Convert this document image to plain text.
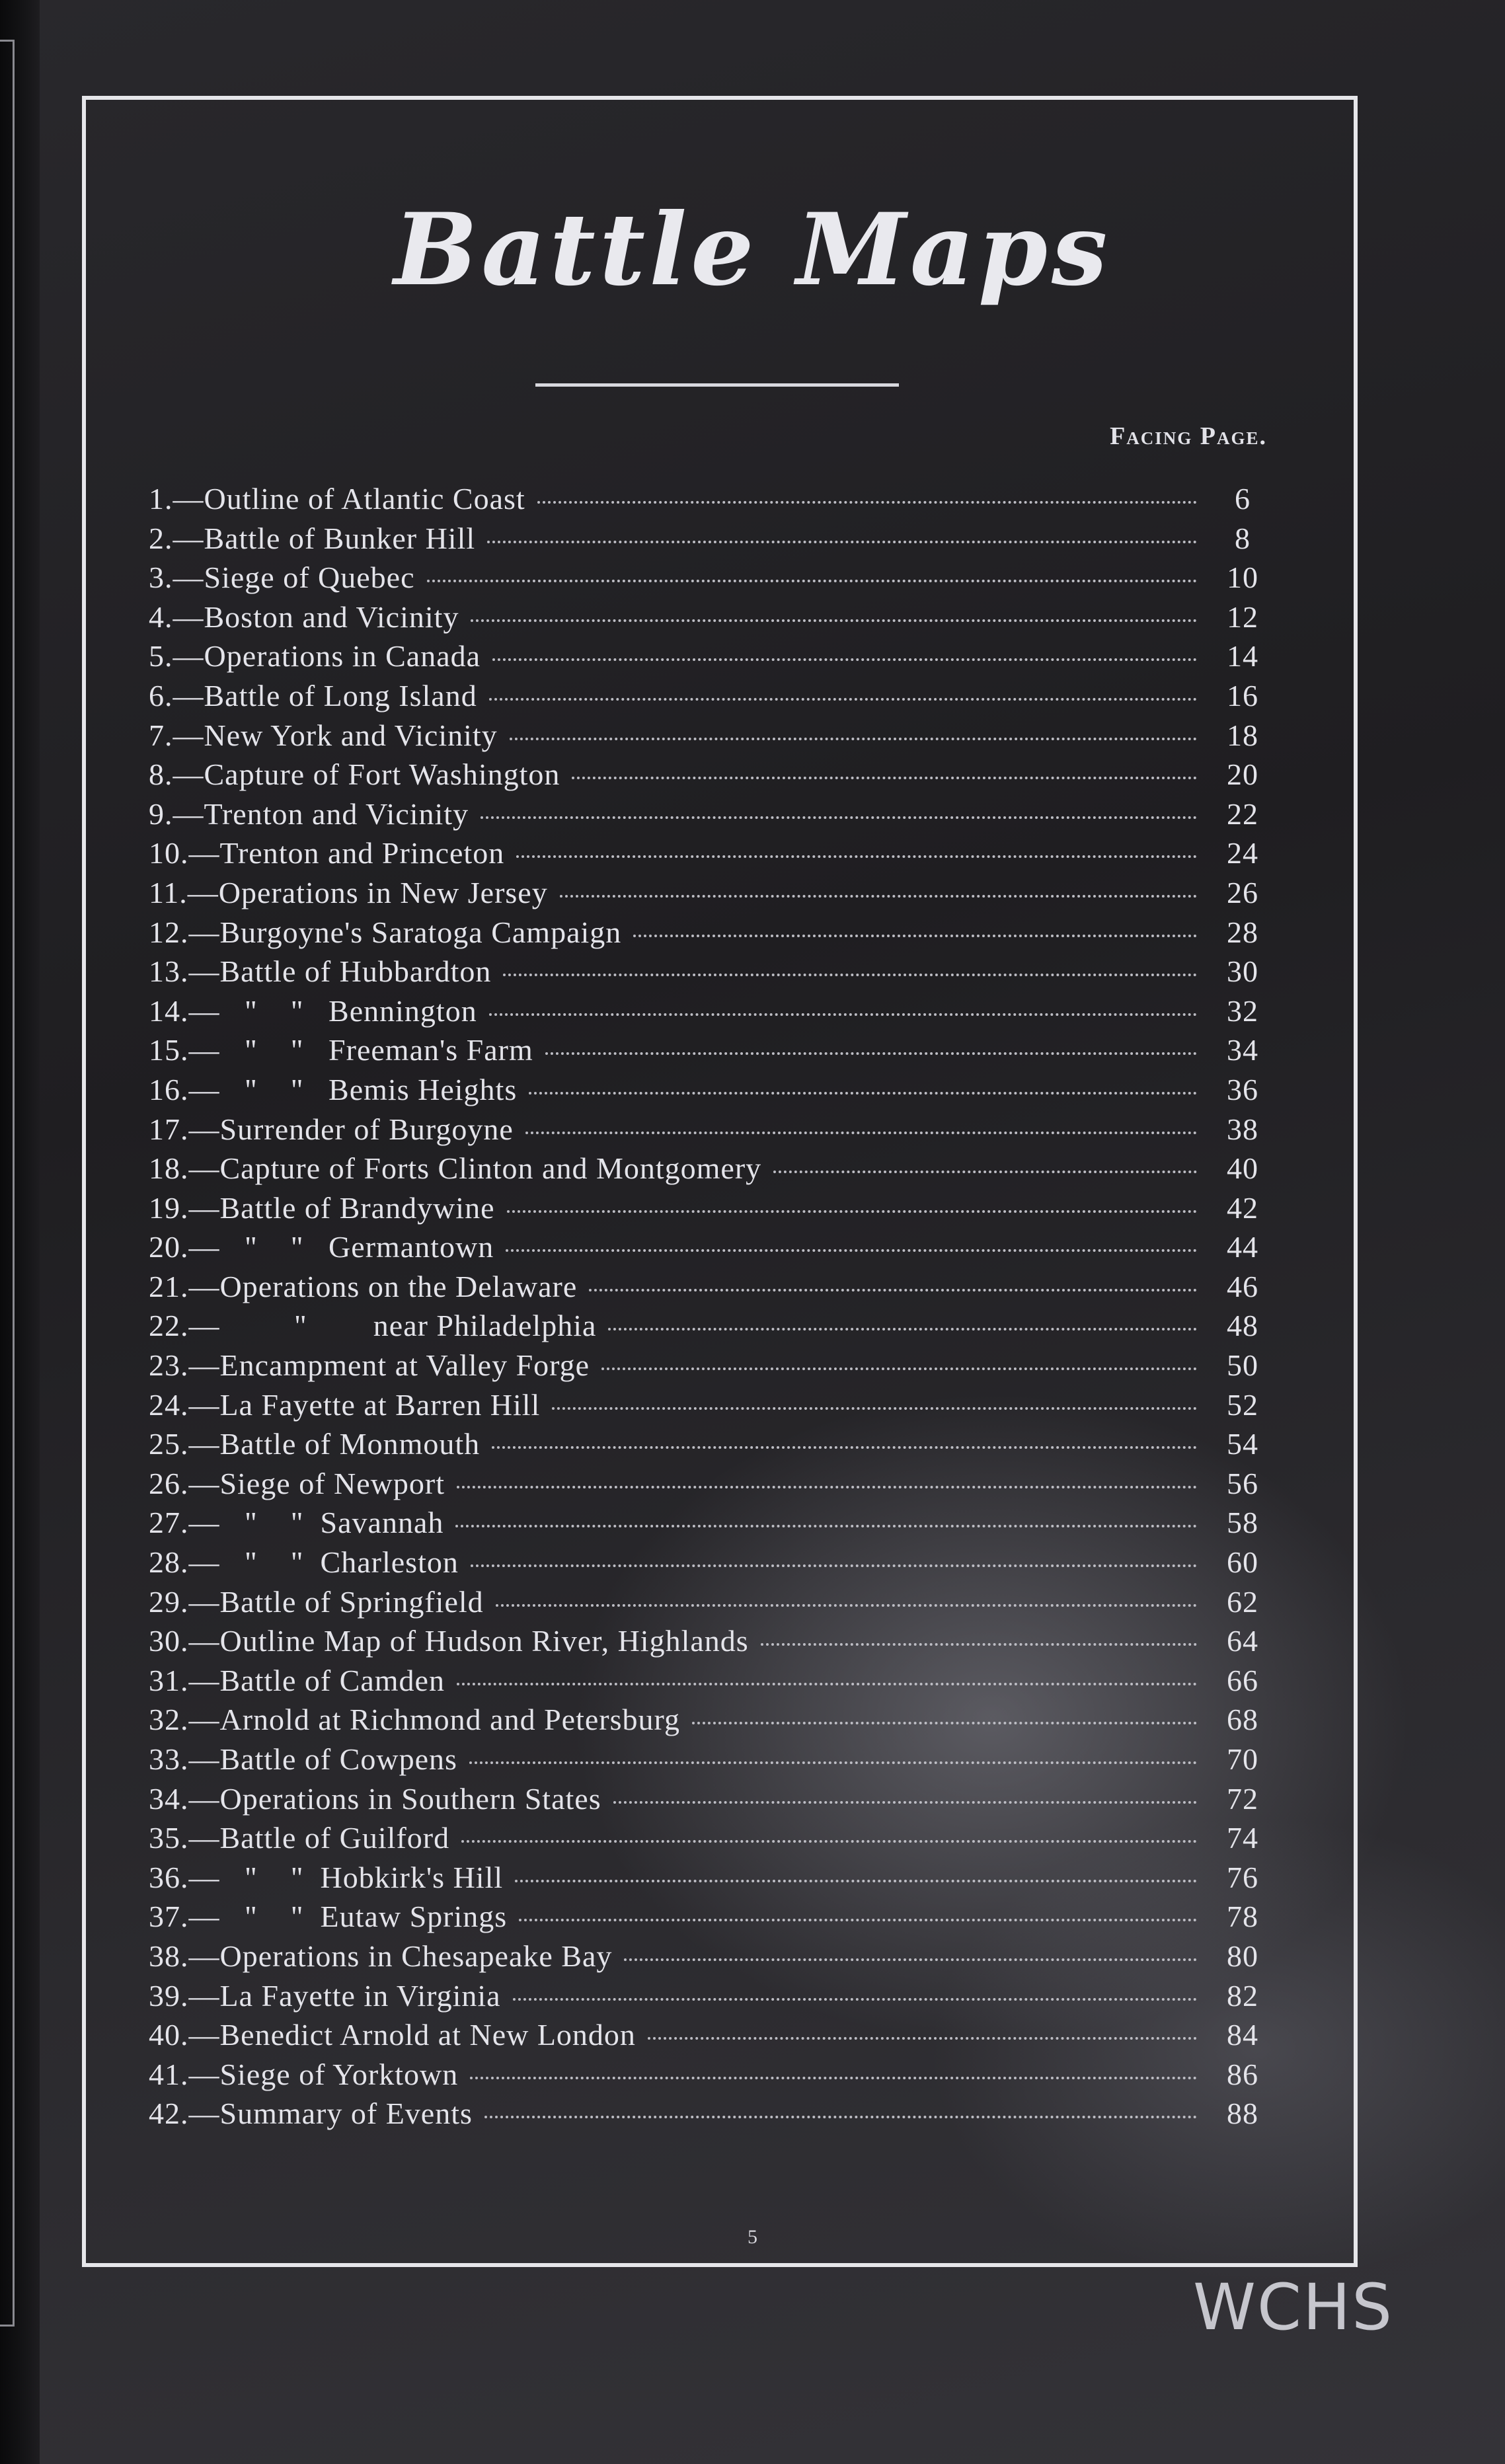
Battle Maps
Facing Page.
1.—Outline of Atlantic Coast	6
2.—Battle of Bunker Hill	8
3.—Siege of Quebec	10
4.—Boston and Vicinity	12
5.—Operations in Canada	14
6.—Battle of Long Island	16
7.—New York and Vicinity	18
8.—Capture of Fort Washington	20
9.—Trenton and Vicinity	22
10.—Trenton and Princeton	24
11.—Operations in New Jersey	26
12.—Burgoyne's Saratoga Campaign	28
13.—Battle of Hubbardton	30
14.—   "    "   Bennington	32
15.—   "    "   Freeman's Farm	34
16.—   "    "   Bemis Heights	36
17.—Surrender of Burgoyne	38
18.—Capture of Forts Clinton and Montgomery	40
19.—Battle of Brandywine	42
20.—   "    "   Germantown	44
21.—Operations on the Delaware	46
22.—         "        near Philadelphia	48
23.—Encampment at Valley Forge	50
24.—La Fayette at Barren Hill	52
25.—Battle of Monmouth	54
26.—Siege of Newport	56
27.—   "    "  Savannah	58
28.—   "    "  Charleston	60
29.—Battle of Springfield	62
30.—Outline Map of Hudson River, Highlands	64
31.—Battle of Camden	66
32.—Arnold at Richmond and Petersburg	68
33.—Battle of Cowpens	70
34.—Operations in Southern States	72
35.—Battle of Guilford	74
36.—   "    "  Hobkirk's Hill	76
37.—   "    "  Eutaw Springs	78
38.—Operations in Chesapeake Bay	80
39.—La Fayette in Virginia	82
40.—Benedict Arnold at New London	84
41.—Siege of Yorktown	86
42.—Summary of Events	88
5
WCHS
